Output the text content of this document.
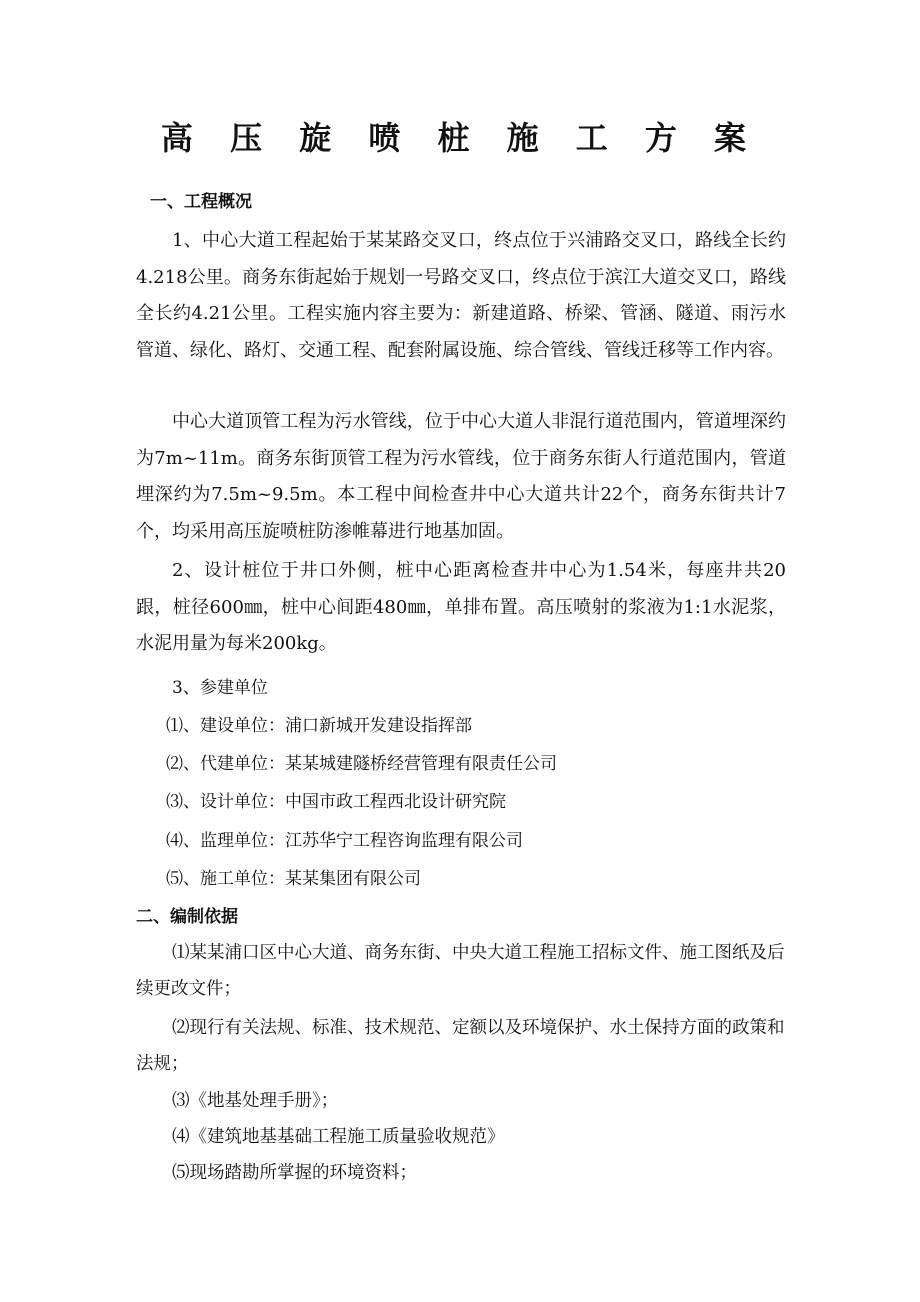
高 压 旋 喷 桩 施 工 方 案
一、工程概况
1、中心大道工程起始于某某路交叉口，终点位于兴浦路交叉口，路线全长约4.218公里。商务东街起始于规划一号路交叉口，终点位于滨江大道交叉口，路线全长约4.21公里。工程实施内容主要为：新建道路、桥梁、管涵、隧道、雨污水管道、绿化、路灯、交通工程、配套附属设施、综合管线、管线迁移等工作内容。
中心大道顶管工程为污水管线，位于中心大道人非混行道范围内，管道埋深约为7m~11m。商务东街顶管工程为污水管线，位于商务东街人行道范围内，管道埋深约为7.5m~9.5m。本工程中间检查井中心大道共计22个，商务东街共计7个，均采用高压旋喷桩防渗帷幕进行地基加固。
2、设计桩位于井口外侧，桩中心距离检查井中心为1.54米，每座井共20跟，桩径600㎜，桩中心间距480㎜，单排布置。高压喷射的浆液为1:1水泥浆，水泥用量为每米200kg。
3、参建单位
⑴、建设单位：浦口新城开发建设指挥部
⑵、代建单位：某某城建隧桥经营管理有限责任公司
⑶、设计单位：中国市政工程西北设计研究院
⑷、监理单位：江苏华宁工程咨询监理有限公司
⑸、施工单位：某某集团有限公司
二、编制依据
⑴某某浦口区中心大道、商务东街、中央大道工程施工招标文件、施工图纸及后续更改文件；
⑵现行有关法规、标准、技术规范、定额以及环境保护、水土保持方面的政策和法规；
⑶《地基处理手册》；
⑷《建筑地基基础工程施工质量验收规范》
⑸现场踏勘所掌握的环境资料；
